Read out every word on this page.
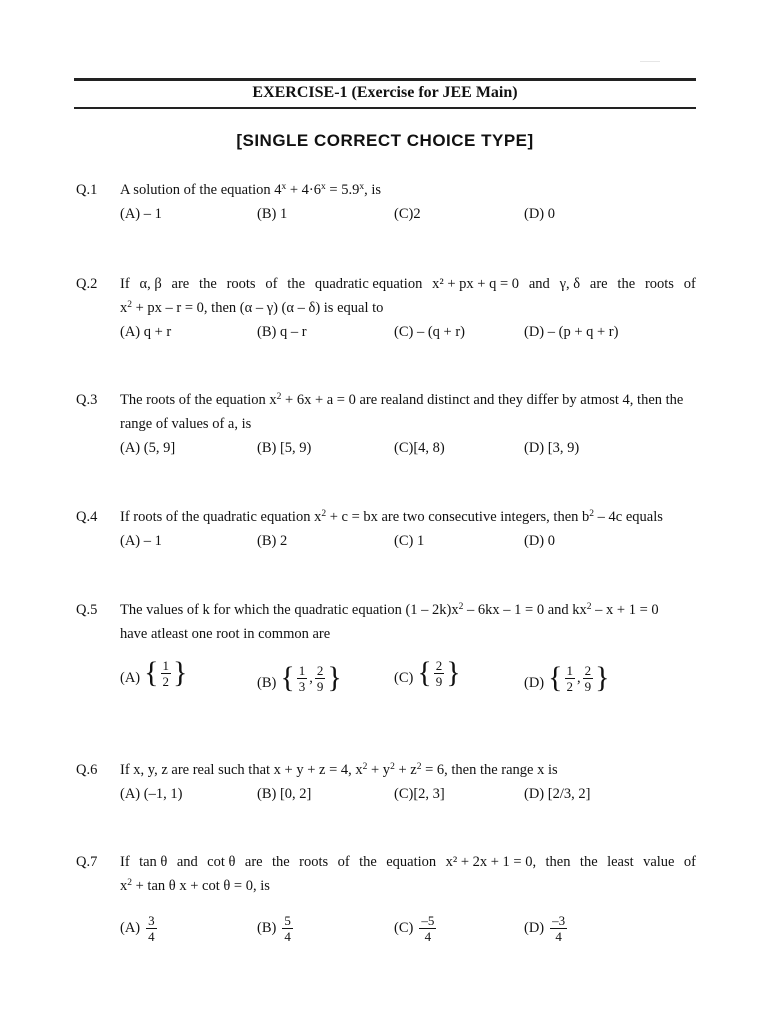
EXERCISE-1 (Exercise for JEE Main)
[SINGLE CORRECT CHOICE TYPE]
Q.1 A solution of the equation $4^x + 4\cdot 6^x = 5.9^x$, is
(A) – 1	(B) 1	(C)2	(D) 0
Q.2 If α, β are the roots of the quadratic equation x² + px + q = 0 and γ, δ are the roots of
$x^2$ + px – r = 0, then (α – γ) (α – δ) is equal to
(A) q + r	(B) q – r	(C) – (q + r)	(D) – (p + q + r)
Q.3 The roots of the equation $x^2 + 6x + a = 0$ are realand distinct and they differ by atmost 4, then the
range of values of a, is
(A) (5, 9]	(B) [5, 9)	(C)[4, 8)	(D) [3, 9)
Q.4 If roots of the quadratic equation $x^2 + c$ = bx are two consecutive integers, then $b^2 - 4c$ equals
(A) – 1	(B) 2	(C) 1	(D) 0
Q.5 The values of k for which the quadratic equation $(1 - 2k)x^2 - 6kx - 1 = 0$ and $kx^2 - x + 1 = 0$
have atleast one root in common are
(A) { $\frac{1}{2}$ }	(B) { $\frac{1}{3}$ , $\frac{2}{9}$ }	(C) { $\frac{2}{9}$ }	(D) { $\frac{1}{2}$ , $\frac{2}{9}$ }
Q.6 If x, y, z are real such that x + y + z = 4, $x^2 + y^2 + z^2 = 6$, then the range x is
(A) (–1, 1)	(B) [0, 2]	(C)[2, 3]	(D) [2/3, 2]
Q.7 If tan θ and cot θ are the roots of the equation x² + 2x + 1 = 0, then the least value of
$x^2 + \tan \theta$ x + cot θ = 0, is
$(A) \frac{3}{4}$	$(B) \frac{5}{4}$	$(C) \frac{-5}{4}$	$(D) \frac{-3}{4}$
